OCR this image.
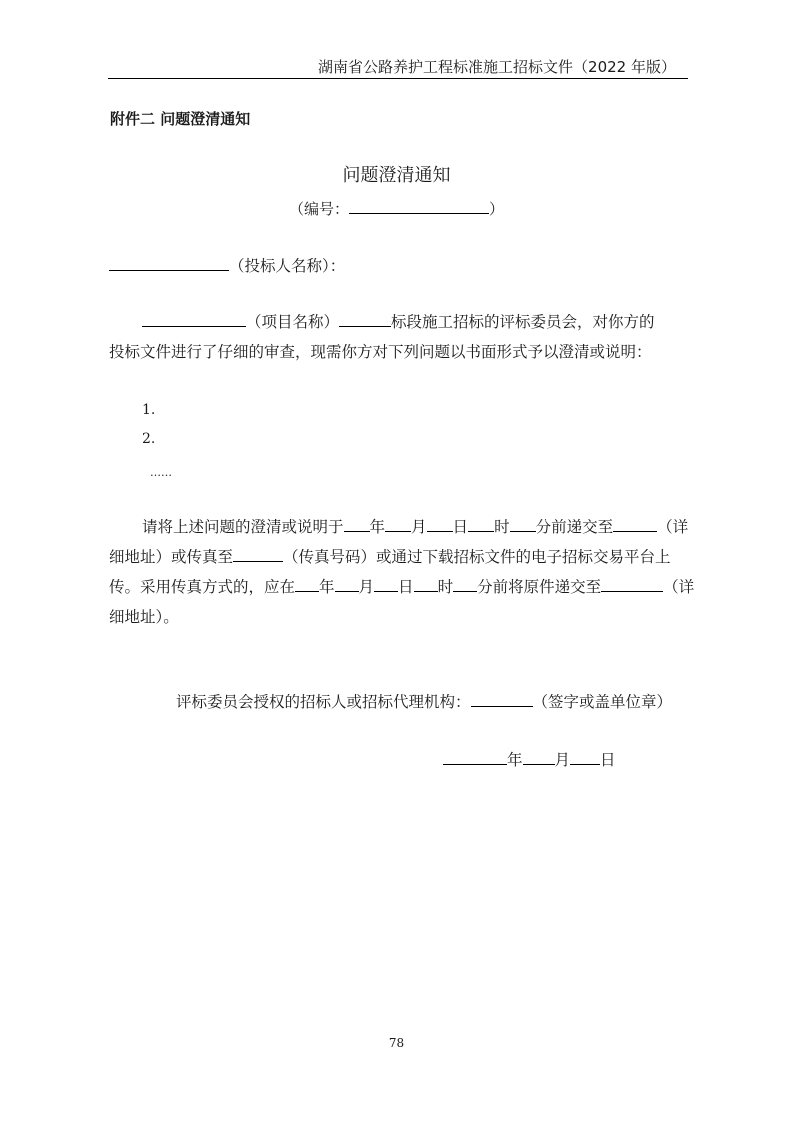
湖南省公路养护工程标准施工招标文件（2022 年版）
附件二 问题澄清通知
问题澄清通知
（编号：	）
（投标人名称）：
（项目名称）	标段施工招标的评标委员会，对你方的
投标文件进行了仔细的审查，现需你方对下列问题以书面形式予以澄清或说明：
1.
2.
……
请将上述问题的澄清或说明于 年 月 日 时 分前递交至	（详
细地址）或传真至	（传真号码）或通过下载招标文件的电子招标交易平台上
传。采用传真方式的，应在 年 月 日 时 分前将原件递交至	（详
细地址）。
评标委员会授权的招标人或招标代理机构：	（签字或盖单位章）
年 月 日
78
